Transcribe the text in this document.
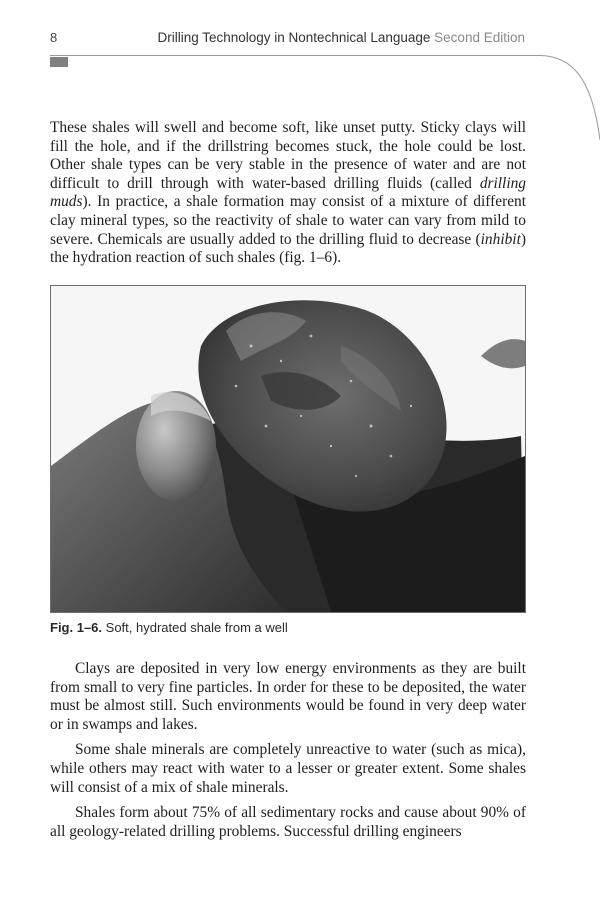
8	Drilling Technology in Nontechnical Language Second Edition

These shales will swell and become soft, like unset putty. Sticky clays will fill the hole, and if the drillstring becomes stuck, the hole could be lost. Other shale types can be very stable in the presence of water and are not difficult to drill through with water-based drilling fluids (called drilling muds). In practice, a shale formation may consist of a mixture of different clay mineral types, so the reactivity of shale to water can vary from mild to severe. Chemicals are usually added to the drilling fluid to decrease (inhibit) the hydration reaction of such shales (fig. 1–6).

Fig. 1–6. Soft, hydrated shale from a well

Clays are deposited in very low energy environments as they are built from small to very fine particles. In order for these to be deposited, the water must be almost still. Such environments would be found in very deep water or in swamps and lakes.

Some shale minerals are completely unreactive to water (such as mica), while others may react with water to a lesser or greater extent. Some shales will consist of a mix of shale minerals.

Shales form about 75% of all sedimentary rocks and cause about 90% of all geology-related drilling problems. Successful drilling engineers
